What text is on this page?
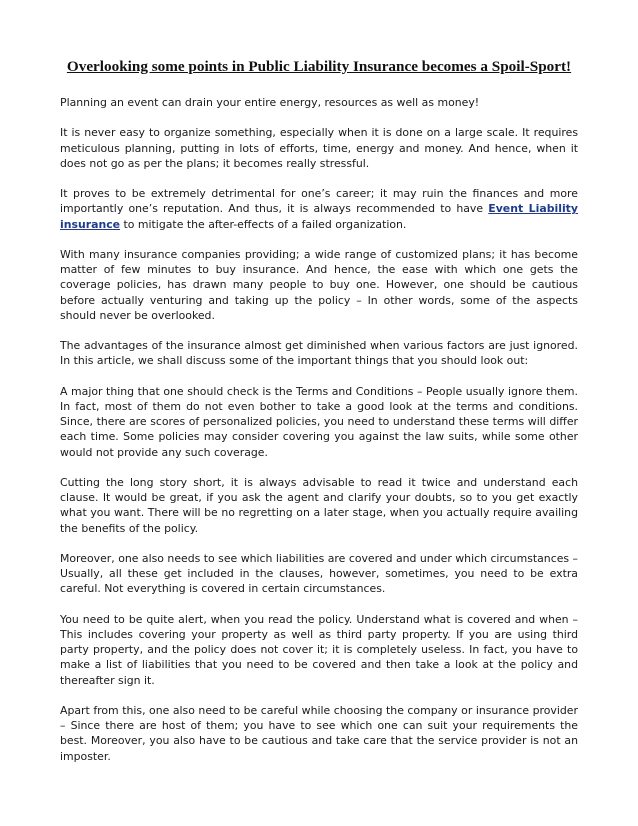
Overlooking some points in Public Liability Insurance becomes a Spoil-Sport!

Planning an event can drain your entire energy, resources as well as money!

It is never easy to organize something, especially when it is done on a large scale. It requires meticulous planning, putting in lots of efforts, time, energy and money. And hence, when it does not go as per the plans; it becomes really stressful.

It proves to be extremely detrimental for one’s career; it may ruin the finances and more importantly one’s reputation. And thus, it is always recommended to have Event Liability insurance to mitigate the after-effects of a failed organization.

With many insurance companies providing; a wide range of customized plans; it has become matter of few minutes to buy insurance. And hence, the ease with which one gets the coverage policies, has drawn many people to buy one. However, one should be cautious before actually venturing and taking up the policy – In other words, some of the aspects should never be overlooked.

The advantages of the insurance almost get diminished when various factors are just ignored. In this article, we shall discuss some of the important things that you should look out:

A major thing that one should check is the Terms and Conditions – People usually ignore them. In fact, most of them do not even bother to take a good look at the terms and conditions. Since, there are scores of personalized policies, you need to understand these terms will differ each time. Some policies may consider covering you against the law suits, while some other would not provide any such coverage.

Cutting the long story short, it is always advisable to read it twice and understand each clause. It would be great, if you ask the agent and clarify your doubts, so to you get exactly what you want. There will be no regretting on a later stage, when you actually require availing the benefits of the policy.

Moreover, one also needs to see which liabilities are covered and under which circumstances – Usually, all these get included in the clauses, however, sometimes, you need to be extra careful. Not everything is covered in certain circumstances.

You need to be quite alert, when you read the policy. Understand what is covered and when – This includes covering your property as well as third party property. If you are using third party property, and the policy does not cover it; it is completely useless. In fact, you have to make a list of liabilities that you need to be covered and then take a look at the policy and thereafter sign it.

Apart from this, one also need to be careful while choosing the company or insurance provider – Since there are host of them; you have to see which one can suit your requirements the best. Moreover, you also have to be cautious and take care that the service provider is not an imposter.
